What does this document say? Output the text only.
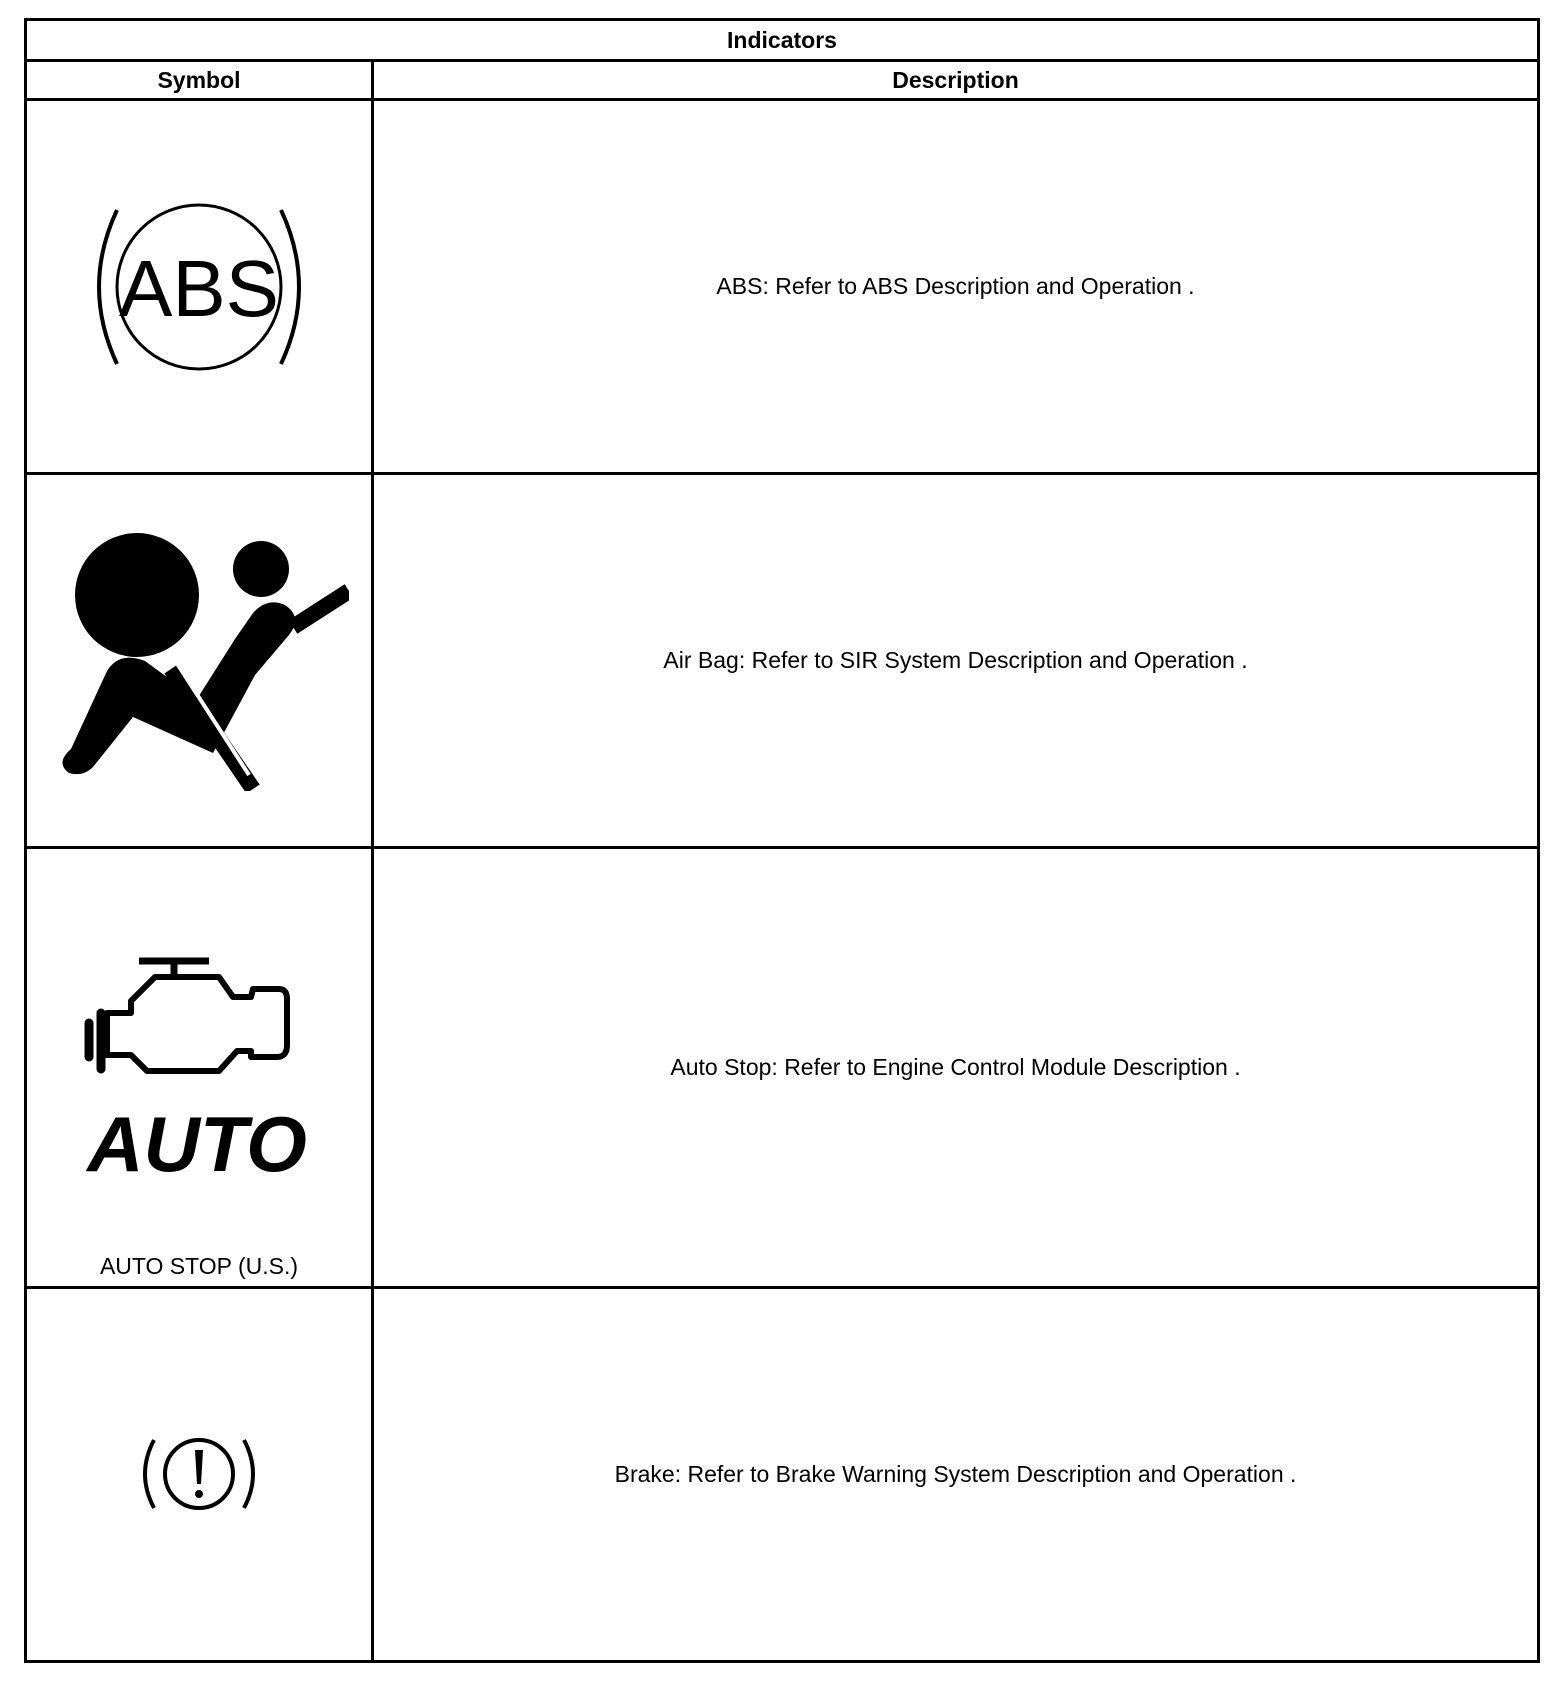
Indicators	
Symbol	Description

ABS	ABS: Refer to ABS Description and Operation .

	Air Bag: Refer to SIR System Description and Operation .

AUTO
AUTO STOP (U.S.)	Auto Stop: Refer to Engine Control Module Description .

	Brake: Refer to Brake Warning System Description and Operation .
